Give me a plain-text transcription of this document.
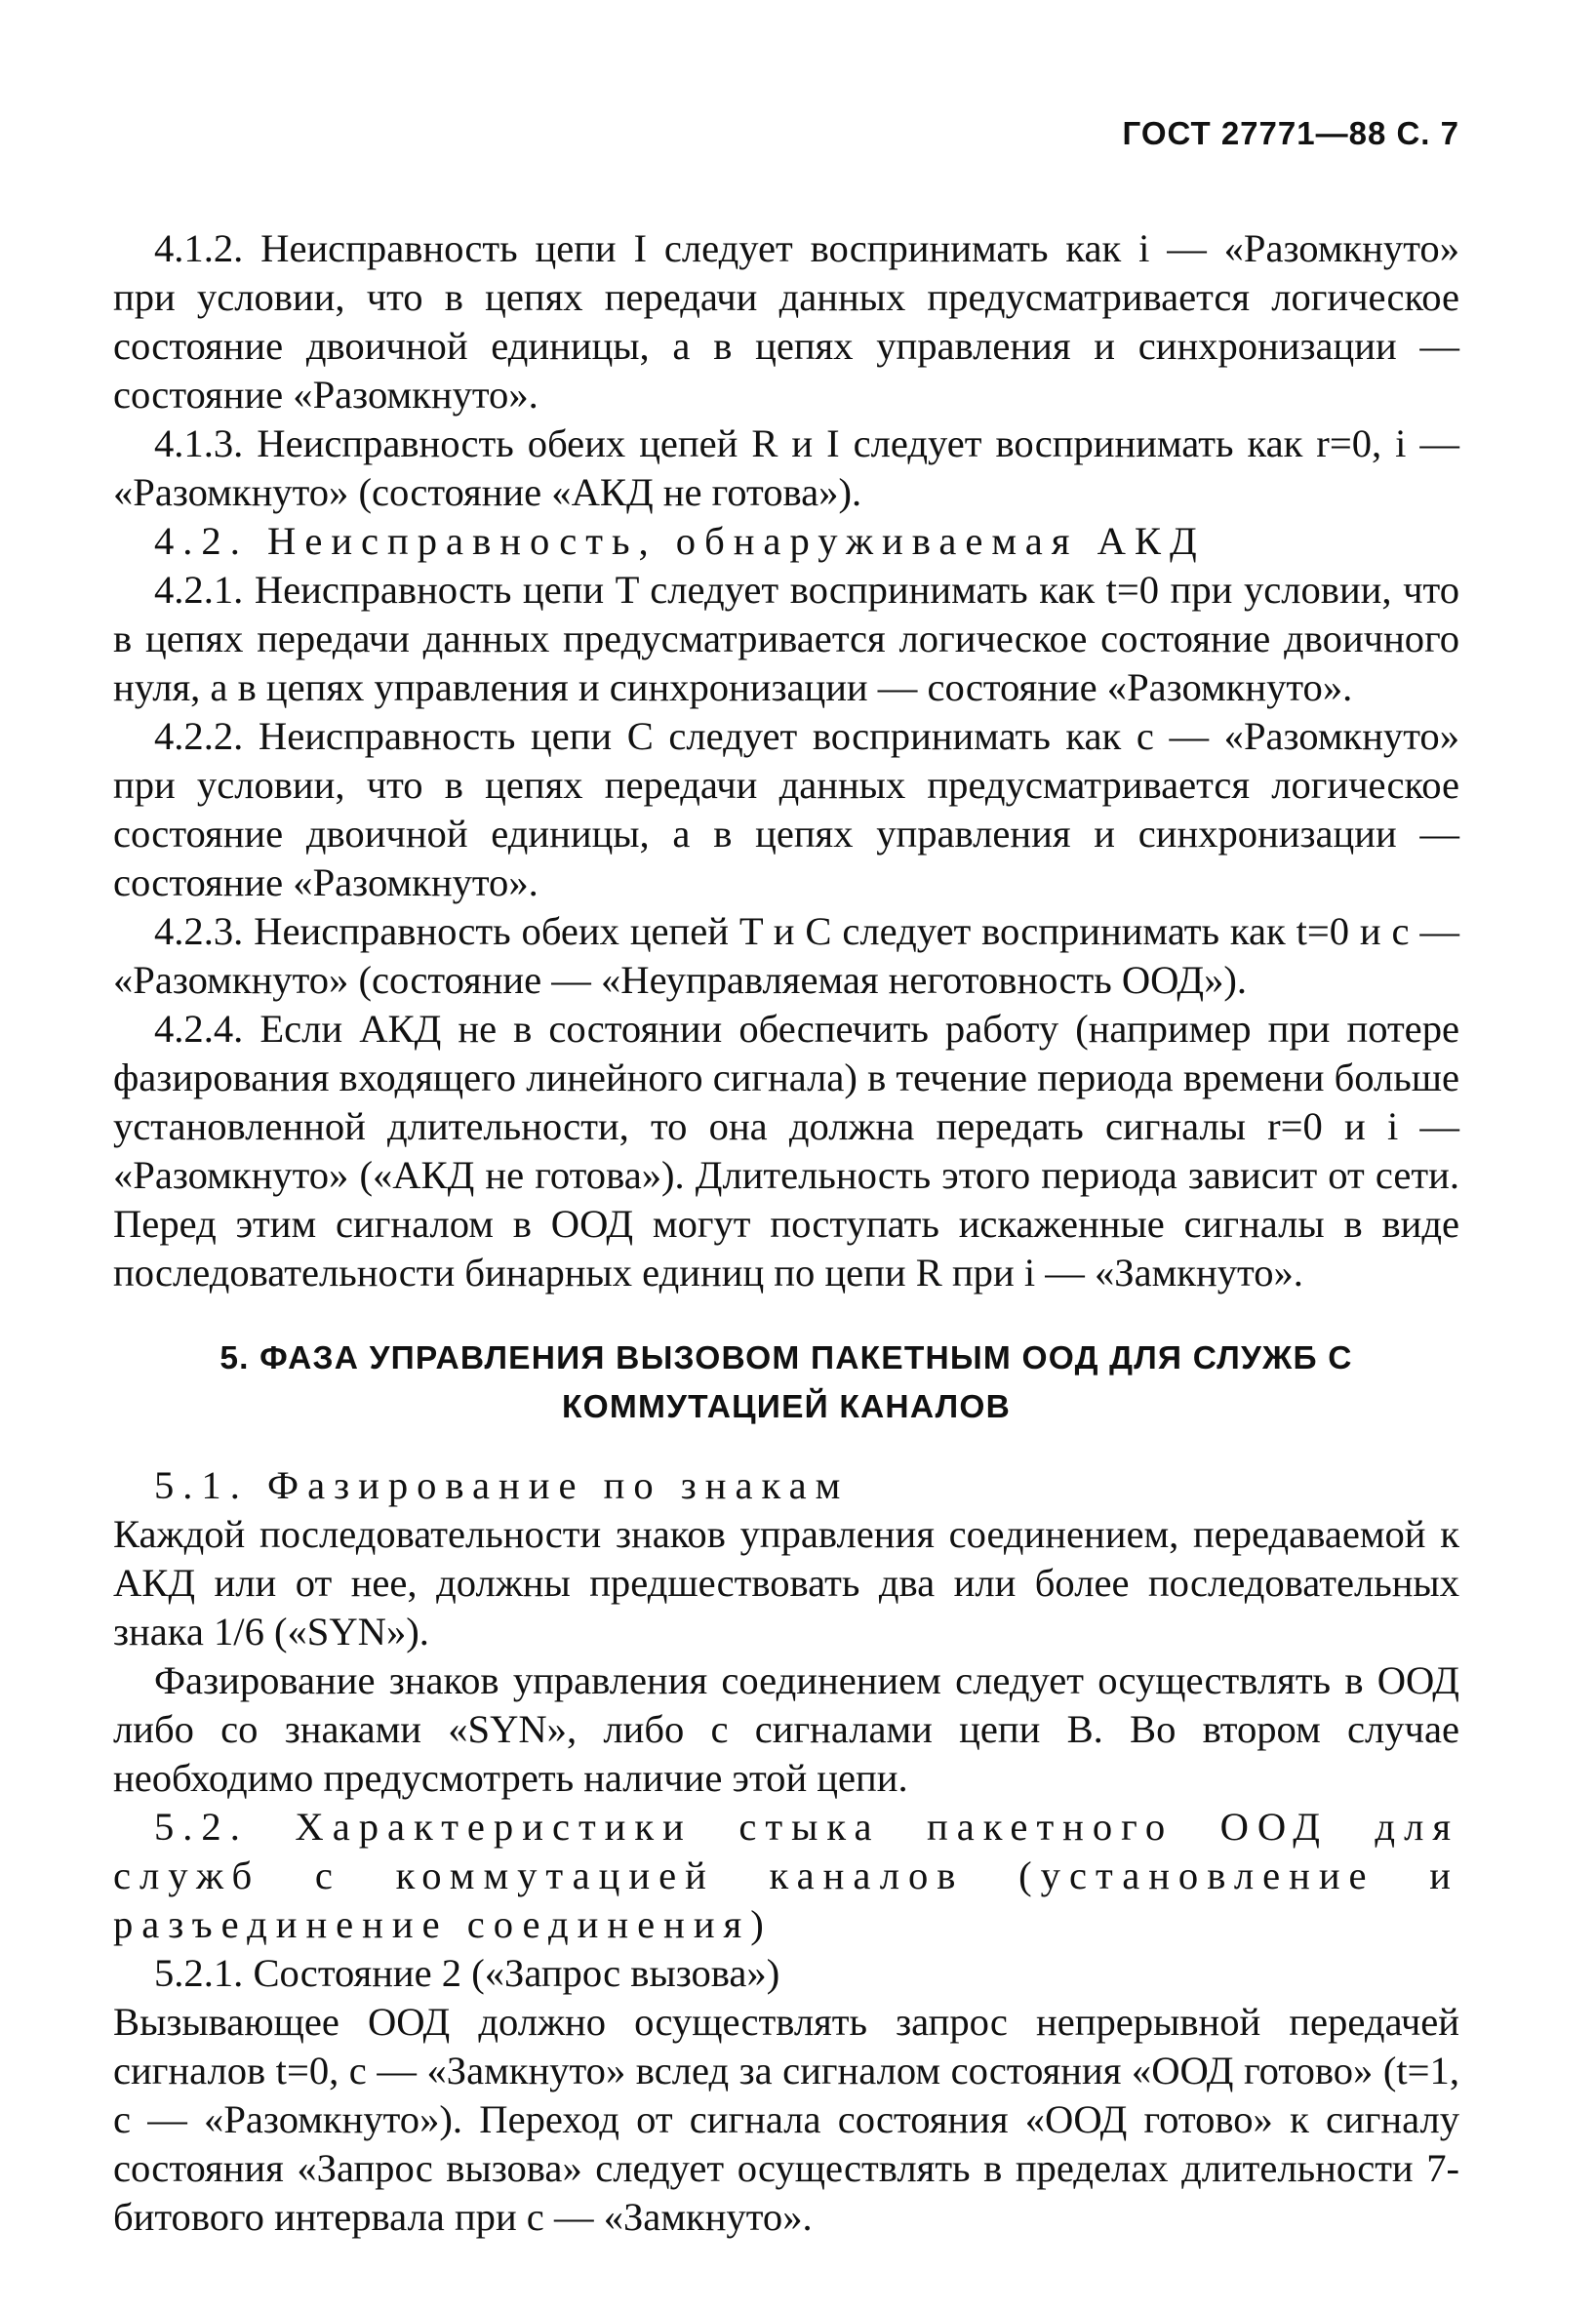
ГОСТ 27771—88 С. 7

4.1.2. Неисправность цепи I следует воспринимать как i — «Разомкнуто» при условии, что в цепях передачи данных предусматривается логическое состояние двоичной единицы, а в цепях управления и синхронизации — состояние «Разомкнуто».

4.1.3. Неисправность обеих цепей R и I следует воспринимать как r=0, i — «Разомкнуто» (состояние «АКД не готова»).

4.2. Неисправность, обнаруживаемая АКД

4.2.1. Неисправность цепи T следует воспринимать как t=0 при условии, что в цепях передачи данных предусматривается логическое состояние двоичного нуля, а в цепях управления и синхронизации — состояние «Разомкнуто».

4.2.2. Неисправность цепи C следует воспринимать как c — «Разомкнуто» при условии, что в цепях передачи данных предусматривается логическое состояние двоичной единицы, а в цепях управления и синхронизации — состояние «Разомкнуто».

4.2.3. Неисправность обеих цепей T и C следует воспринимать как t=0 и c — «Разомкнуто» (состояние — «Неуправляемая неготовность ООД»).

4.2.4. Если АКД не в состоянии обеспечить работу (например при потере фазирования входящего линейного сигнала) в течение периода времени больше установленной длительности, то она должна передать сигналы r=0 и i — «Разомкнуто» («АКД не готова»). Длительность этого периода зависит от сети. Перед этим сигналом в ООД могут поступать искаженные сигналы в виде последовательности бинарных единиц по цепи R при i — «Замкнуто».

5. ФАЗА УПРАВЛЕНИЯ ВЫЗОВОМ ПАКЕТНЫМ ООД ДЛЯ СЛУЖБ С КОММУТАЦИЕЙ КАНАЛОВ

5.1. Фазирование по знакам

Каждой последовательности знаков управления соединением, передаваемой к АКД или от нее, должны предшествовать два или более последовательных знака 1/6 («SYN»).

Фазирование знаков управления соединением следует осуществлять в ООД либо со знаками «SYN», либо с сигналами цепи B. Во втором случае необходимо предусмотреть наличие этой цепи.

5.2. Характеристики стыка пакетного ООД для служб с коммутацией каналов (установление и разъединение соединения)

5.2.1. Состояние 2 («Запрос вызова»)

Вызывающее ООД должно осуществлять запрос непрерывной передачей сигналов t=0, c — «Замкнуто» вслед за сигналом состояния «ООД готово» (t=1, c — «Разомкнуто»). Переход от сигнала состояния «ООД готово» к сигналу состояния «Запрос вызова» следует осуществлять в пределах длительности 7-битового интервала при c — «Замкнуто».
